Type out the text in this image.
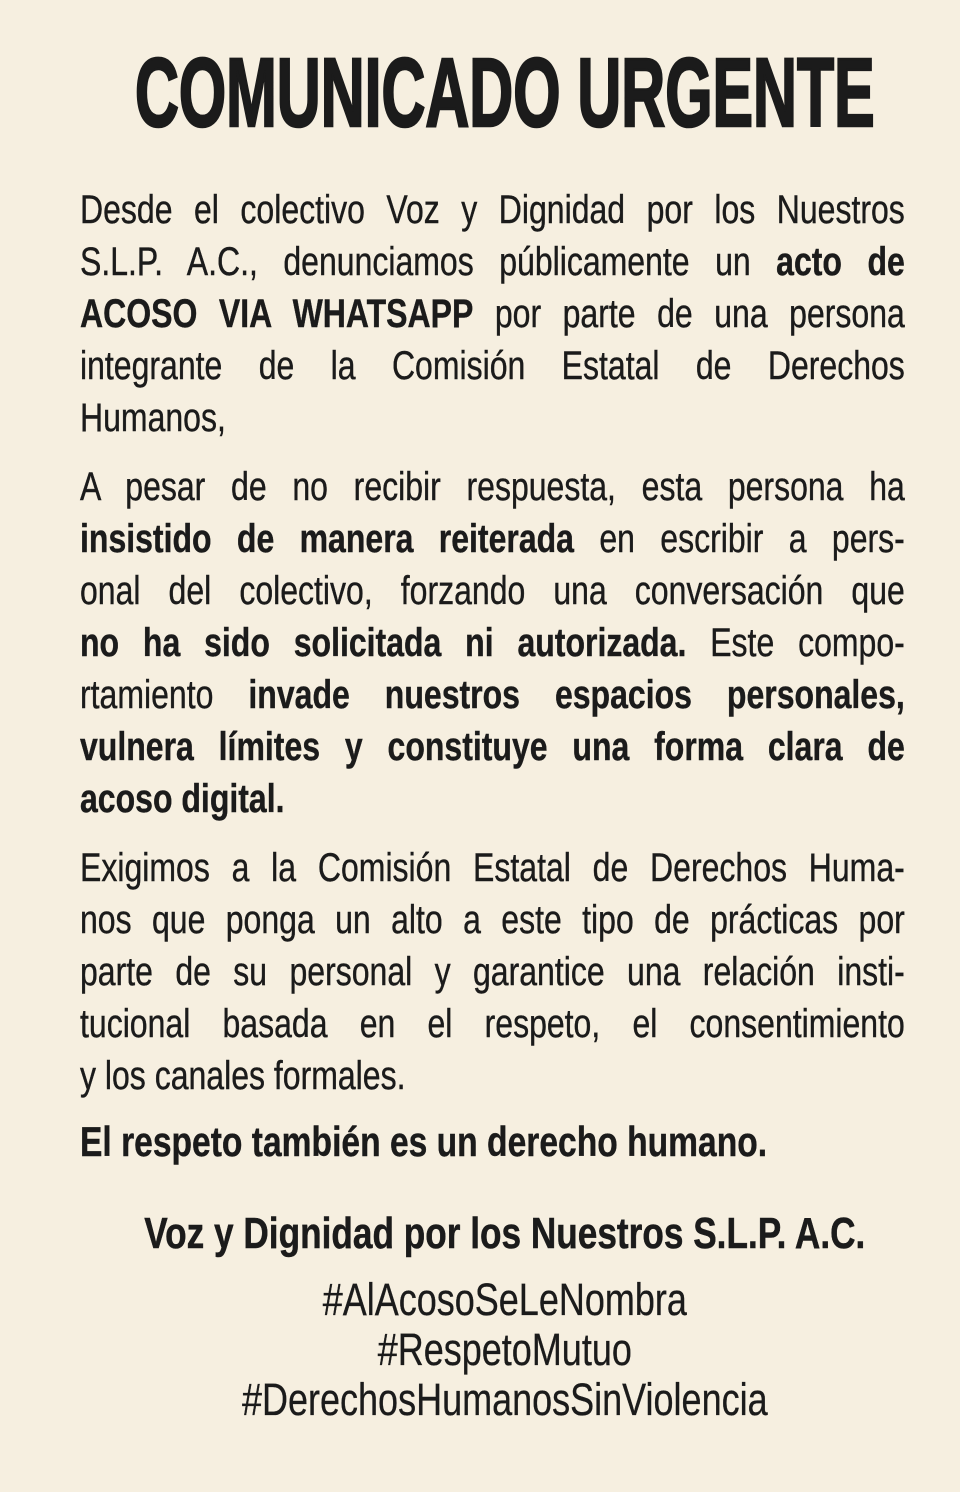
COMUNICADO URGENTE
Desde el colectivo Voz y Dignidad por los Nuestros
S.L.P. A.C., denunciamos públicamente un acto de
ACOSO VIA WHATSAPP por parte de una persona
integrante de la Comisión Estatal de Derechos
Humanos,
A pesar de no recibir respuesta, esta persona ha
insistido de manera reiterada en escribir a pers-
onal del colectivo, forzando una conversación que
no ha sido solicitada ni autorizada. Este compo-
rtamiento invade nuestros espacios personales,
vulnera límites y constituye una forma clara de
acoso digital.
Exigimos a la Comisión Estatal de Derechos Huma-
nos que ponga un alto a este tipo de prácticas por
parte de su personal y garantice una relación insti-
tucional basada en el respeto, el consentimiento
y los canales formales.
El respeto también es un derecho humano.
Voz y Dignidad por los Nuestros S.L.P. A.C.
#AlAcosoSeLeNombra
#RespetoMutuo
#DerechosHumanosSinViolencia
